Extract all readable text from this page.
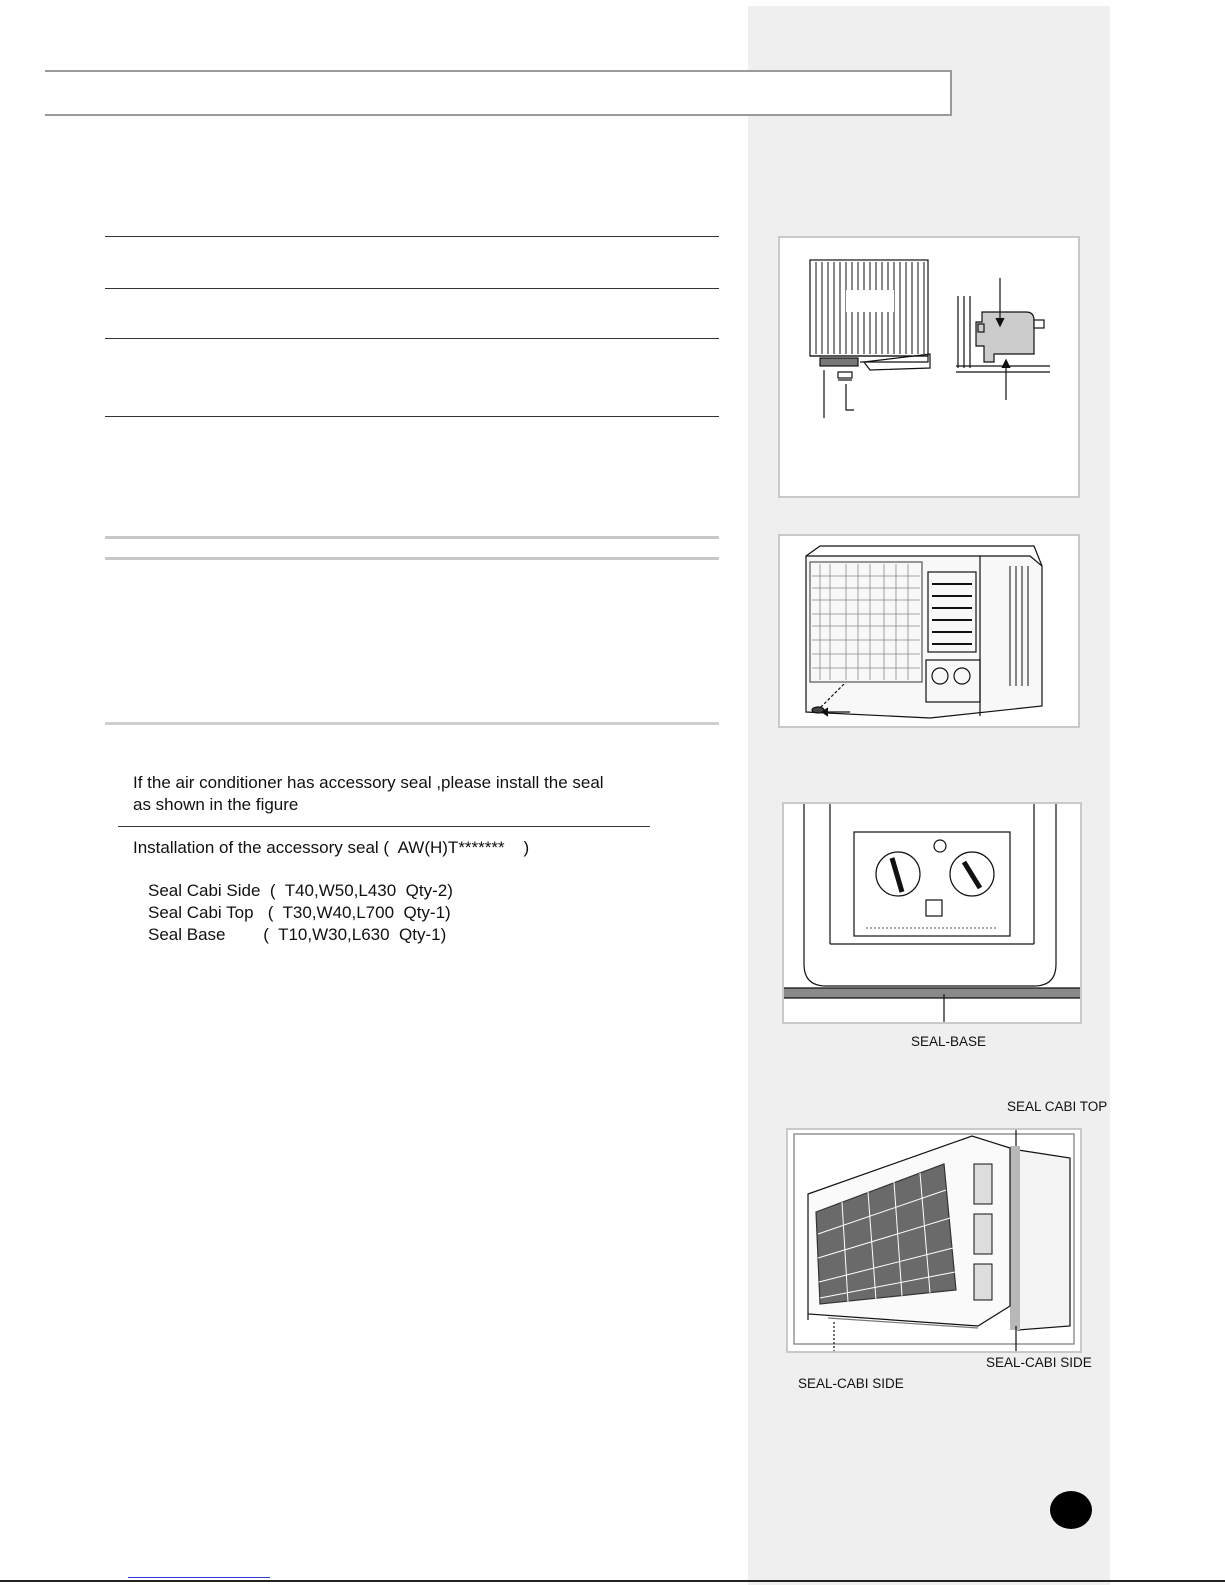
If the air conditioner has accessory seal ,please install the seal
as shown in the figure
Installation of the accessory seal (  AW(H)T*******    )
Seal Cabi Side  (  T40,W50,L430  Qty-2)
Seal Cabi Top   (  T30,W40,L700  Qty-1)
Seal Base        (  T10,W30,L630  Qty-1)
SEAL-BASE
SEAL CABI TOP
SEAL-CABI SIDE
SEAL-CABI SIDE
